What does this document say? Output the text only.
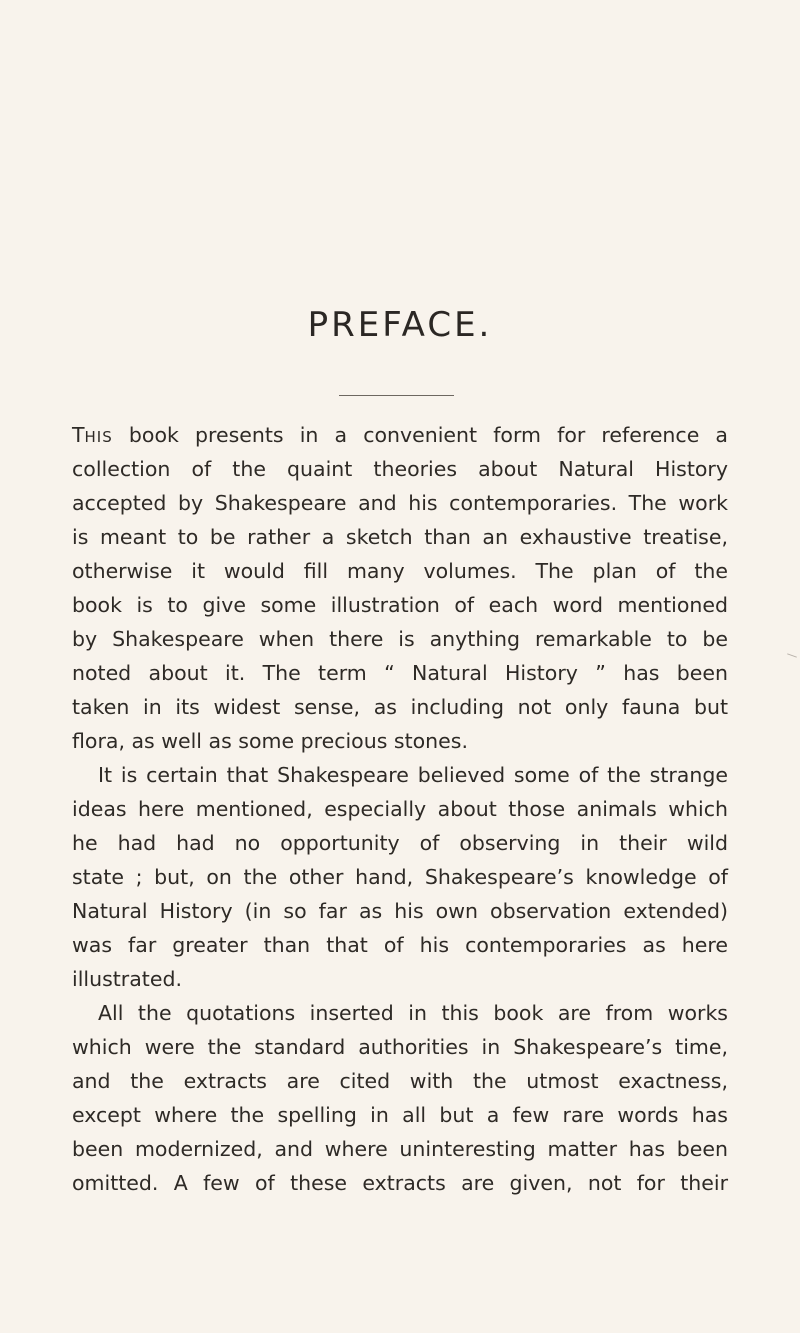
PREFACE.
THIS book presents in a convenient form for reference a
collection of the quaint theories about Natural History
accepted by Shakespeare and his contemporaries. The work
is meant to be rather a sketch than an exhaustive treatise,
otherwise it would fill many volumes. The plan of the
book is to give some illustration of each word mentioned
by Shakespeare when there is anything remarkable to be
noted about it. The term “ Natural History ” has been
taken in its widest sense, as including not only fauna but
flora, as well as some precious stones.
It is certain that Shakespeare believed some of the strange
ideas here mentioned, especially about those animals which
he had had no opportunity of observing in their wild
state ; but, on the other hand, Shakespeare’s knowledge of
Natural History (in so far as his own observation extended)
was far greater than that of his contemporaries as here
illustrated.
All the quotations inserted in this book are from works
which were the standard authorities in Shakespeare’s time,
and the extracts are cited with the utmost exactness,
except where the spelling in all but a few rare words has
been modernized, and where uninteresting matter has been
omitted. A few of these extracts are given, not for their
